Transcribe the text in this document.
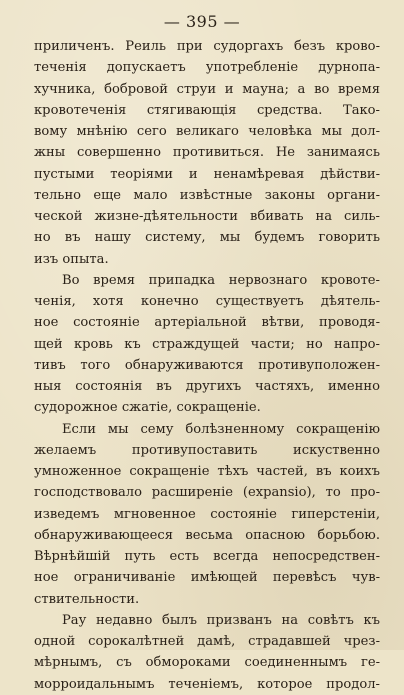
— 395 —
приличенъ. Реиль при судоргахъ безъ крово-
теченія допускаетъ употребленіе дурнопа-
хучника, бобровой струи и мауна; а во время
кровотеченія стягивающія средства. Тако-
вому мнѣнію сего великаго человѣка мы дол-
жны совершенно противиться. Не занимаясь
пустыми теоріями и ненамѣревая дѣйстви-
тельно еще мало извѣстные законы органи-
ческой жизне-дѣятельности вбивать на силь-
но въ нашу систему, мы будемъ говорить
изъ опыта.
Во время припадка нервознаго кровоте-
ченія, хотя конечно существуетъ дѣятель-
ное состояніе артеріальной вѣтви, проводя-
щей кровь къ страждущей части; но напро-
тивъ того обнаруживаются противуположен-
ныя состоянія въ другихъ частяхъ, именно
судорожное сжатіе, сокращеніе.
Если мы сему болѣзненному сокращенію
желаемъ противупоставить искуственно
умноженное сокращеніе тѣхъ частей, въ коихъ
господствовало расширеніе (expansio), то про-
изведемъ мгновенное состояніе гиперстеніи,
обнаруживающееся весьма опасною борьбою.
Вѣрнѣйшій путь есть всегда непосредствен-
ное ограничиваніе имѣющей перевѣсъ чув-
ствительности.
Рау недавно былъ призванъ на совѣтъ къ
одной сорокалѣтней дамѣ, страдавшей чрез-
мѣрнымъ, съ обмороками соединеннымъ ге-
морроидальнымъ теченіемъ, которое продол-
